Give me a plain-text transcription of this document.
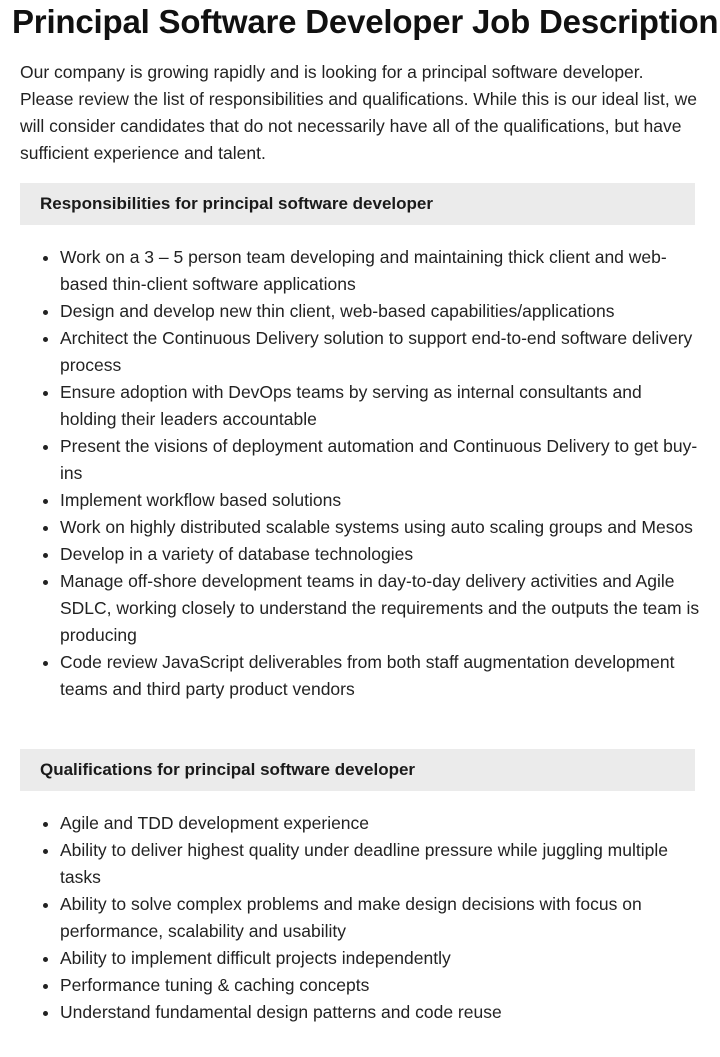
Principal Software Developer Job Description

Our company is growing rapidly and is looking for a principal software developer. Please review the list of responsibilities and qualifications. While this is our ideal list, we will consider candidates that do not necessarily have all of the qualifications, but have sufficient experience and talent.

Responsibilities for principal software developer
• Work on a 3 – 5 person team developing and maintaining thick client and web-based thin-client software applications
• Design and develop new thin client, web-based capabilities/applications
• Architect the Continuous Delivery solution to support end-to-end software delivery process
• Ensure adoption with DevOps teams by serving as internal consultants and holding their leaders accountable
• Present the visions of deployment automation and Continuous Delivery to get buy-ins
• Implement workflow based solutions
• Work on highly distributed scalable systems using auto scaling groups and Mesos
• Develop in a variety of database technologies
• Manage off-shore development teams in day-to-day delivery activities and Agile SDLC, working closely to understand the requirements and the outputs the team is producing
• Code review JavaScript deliverables from both staff augmentation development teams and third party product vendors
Qualifications for principal software developer
• Agile and TDD development experience
• Ability to deliver highest quality under deadline pressure while juggling multiple tasks
• Ability to solve complex problems and make design decisions with focus on performance, scalability and usability
• Ability to implement difficult projects independently
• Performance tuning & caching concepts
• Understand fundamental design patterns and code reuse
